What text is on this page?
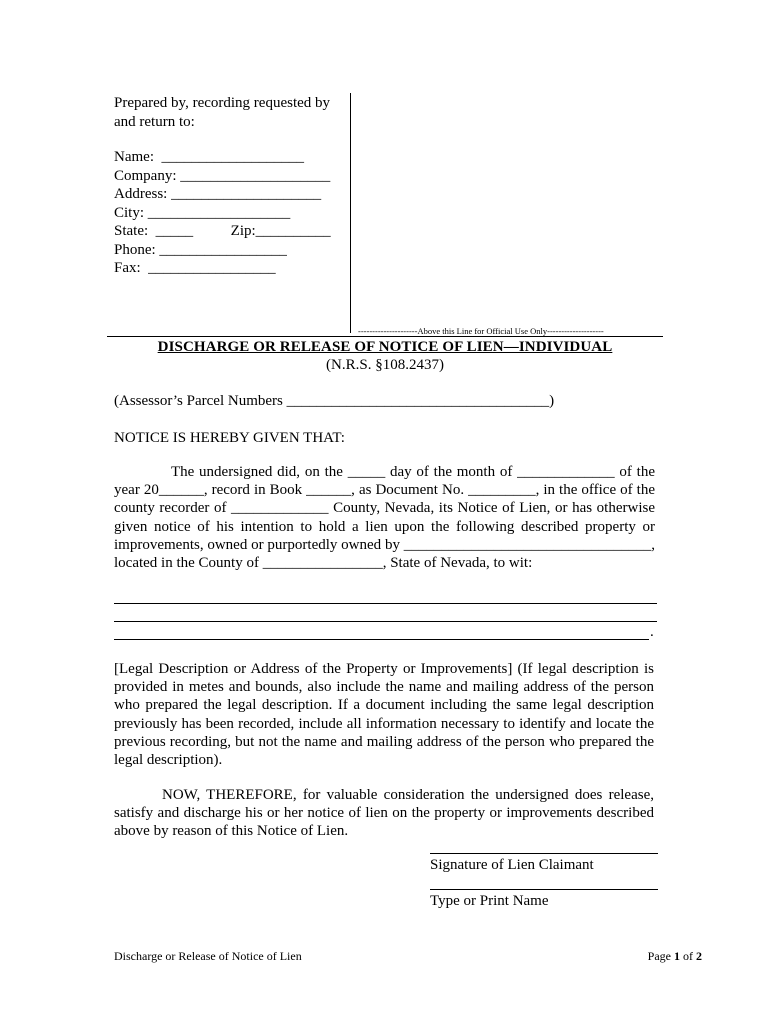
Prepared by, recording requested by
and return to:
Name:  ___________________
Company: ____________________
Address: ____________________
City: ___________________
State:  _____          Zip:__________
Phone: _________________
Fax:  _________________
---------------------Above this Line for Official Use Only--------------------
DISCHARGE OR RELEASE OF NOTICE OF LIEN—INDIVIDUAL
(N.R.S. §108.2437)
(Assessor’s Parcel Numbers ___________________________________)
NOTICE IS HEREBY GIVEN THAT:
The undersigned did, on the _____ day of the month of _____________ of the
year 20______, record in Book ______, as Document No. _________, in the office of the
county recorder of _____________ County, Nevada, its Notice of Lien, or has otherwise
given notice of his intention to hold a lien upon the following described property or
improvements, owned or purportedly owned by _________________________________,
located in the County of ________________, State of Nevada, to wit:
.
[Legal Description or Address of the Property or Improvements] (If legal description is provided in metes and bounds, also include the name and mailing address of the person who prepared the legal description. If a document including the same legal description previously has been recorded, include all information necessary to identify and locate the previous recording, but not the name and mailing address of the person who prepared the legal description).
NOW, THEREFORE, for valuable consideration the undersigned does release, satisfy and discharge his or her notice of lien on the property or improvements described above by reason of this Notice of Lien.
Signature of Lien Claimant
Type or Print Name
Discharge or Release of Notice of Lien	Page 1 of 2
